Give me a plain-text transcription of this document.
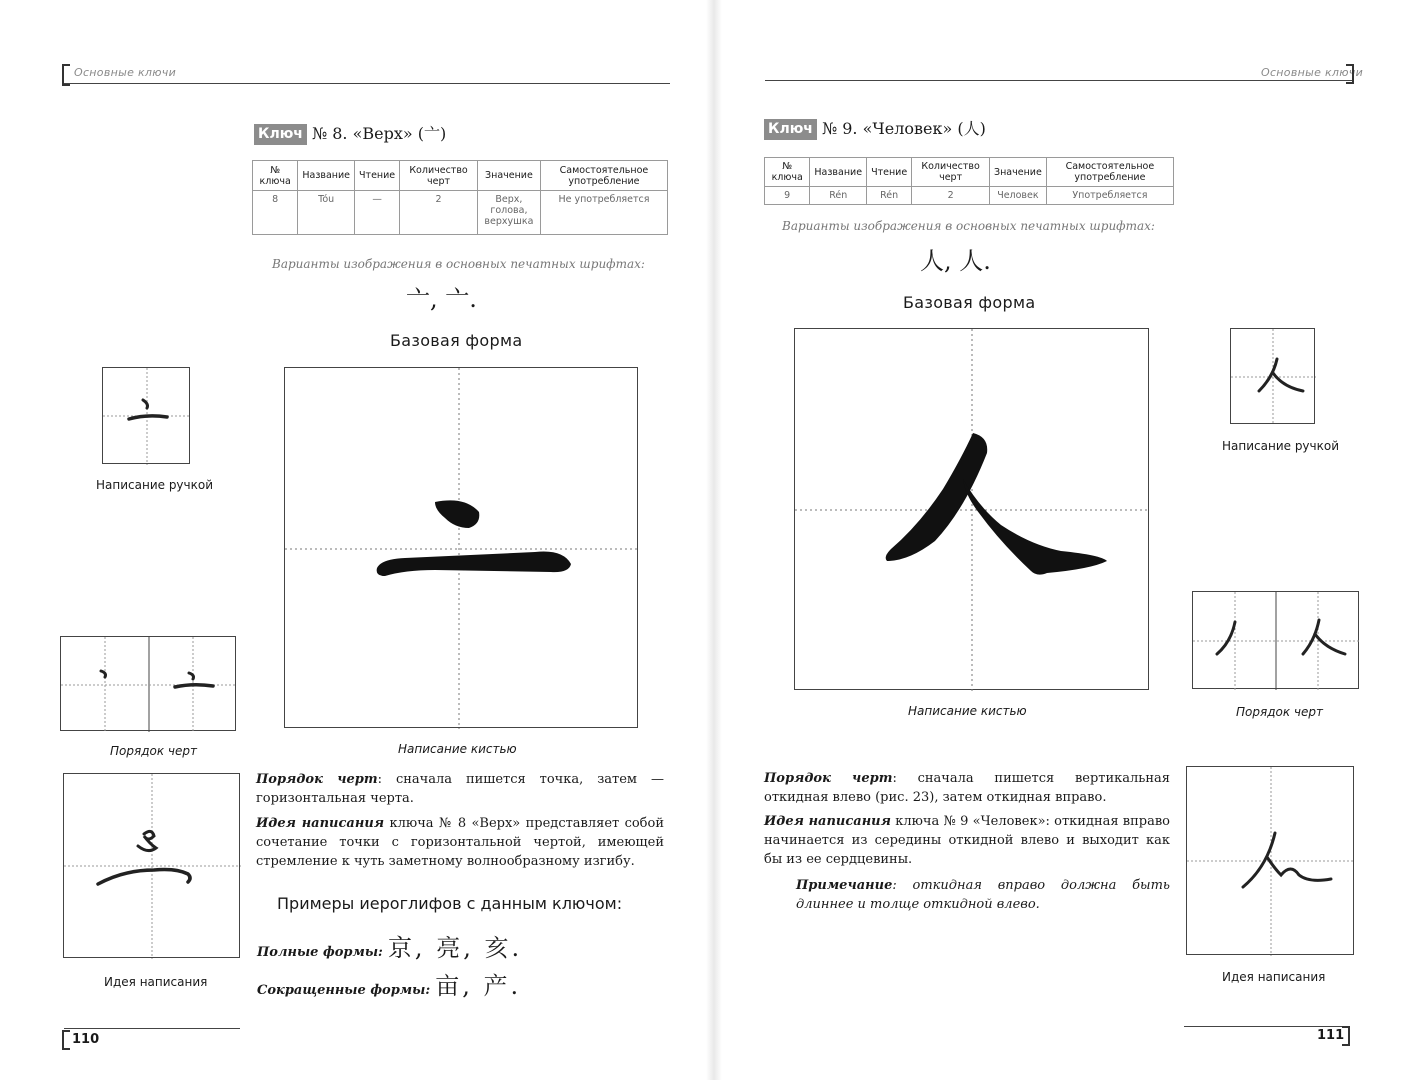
Основные ключи
Ключ № 8. «Верх» (亠)
№ ключа	Название	Чтение	Количество черт	Значение	Самостоятельное употребление
8	Tóu	—	2	Верх, голова, верхушка	Не употребляется
Варианты изображения в основных печатных шрифтах:
亠, 亠.
Базовая форма
Написание ручкой
Написание кистью
Порядок черт
Идея написания
Порядок черт: сначала пишется точка, затем — горизонтальная черта.
Идея написания ключа № 8 «Верх» представляет собой сочетание точки с горизонтальной чертой, имеющей стремление к чуть заметному волнообразному изгибу.
Примеры иероглифов с данным ключом:
Полные формы: 京, 亮, 亥.
Сокращенные формы: 亩, 产.
110
Основные ключи
Ключ № 9. «Человек» (人)
№ ключа	Название	Чтение	Количество черт	Значение	Самостоятельное употребление
9	Rén	Rén	2	Человек	Употребляется
Варианты изображения в основных печатных шрифтах:
人, 人.
Базовая форма
Написание кистью
Написание ручкой
Порядок черт
Идея написания
Порядок черт: сначала пишется вертикальная откидная влево (рис. 23), затем откидная вправо.
Идея написания ключа № 9 «Человек»: откидная вправо начинается из середины откидной влево и выходит как бы из ее сердцевины.
Примечание: откидная вправо должна быть длиннее и толще откидной влево.
111
